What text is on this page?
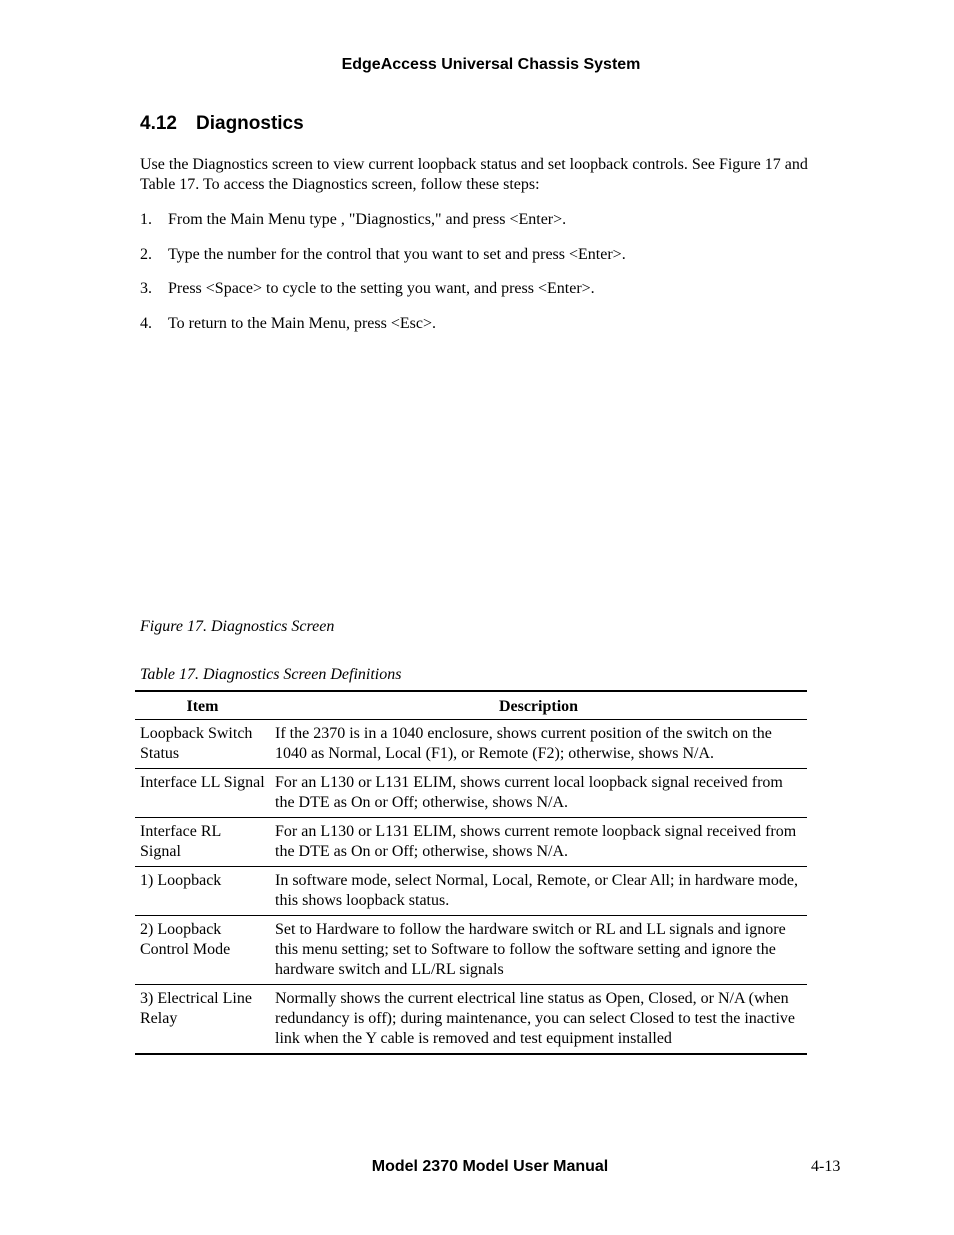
EdgeAccess Universal Chassis System
4.12 Diagnostics
Use the Diagnostics screen to view current loopback status and set loopback controls. See Figure 17 and Table 17. To access the Diagnostics screen, follow these steps:
1. From the Main Menu type , "Diagnostics," and press <Enter>.
2. Type the number for the control that you want to set and press <Enter>.
3. Press <Space> to cycle to the setting you want, and press <Enter>.
4. To return to the Main Menu, press <Esc>.
Figure 17. Diagnostics Screen
Table 17. Diagnostics Screen Definitions
Item	Description
Loopback Switch Status	If the 2370 is in a 1040 enclosure, shows current position of the switch on the 1040 as Normal, Local (F1), or Remote (F2); otherwise, shows N/A.
Interface LL Signal	For an L130 or L131 ELIM, shows current local loopback signal received from the DTE as On or Off; otherwise, shows N/A.
Interface RL Signal	For an L130 or L131 ELIM, shows current remote loopback signal received from the DTE as On or Off; otherwise, shows N/A.
1) Loopback	In software mode, select Normal, Local, Remote, or Clear All; in hardware mode, this shows loopback status.
2) Loopback Control Mode	Set to Hardware to follow the hardware switch or RL and LL signals and ignore this menu setting; set to Software to follow the software setting and ignore the hardware switch and LL/RL signals
3) Electrical Line Relay	Normally shows the current electrical line status as Open, Closed, or N/A (when redundancy is off); during maintenance, you can select Closed to test the inactive link when the Y cable is removed and test equipment installed
Model 2370 Model User Manual	4-13
